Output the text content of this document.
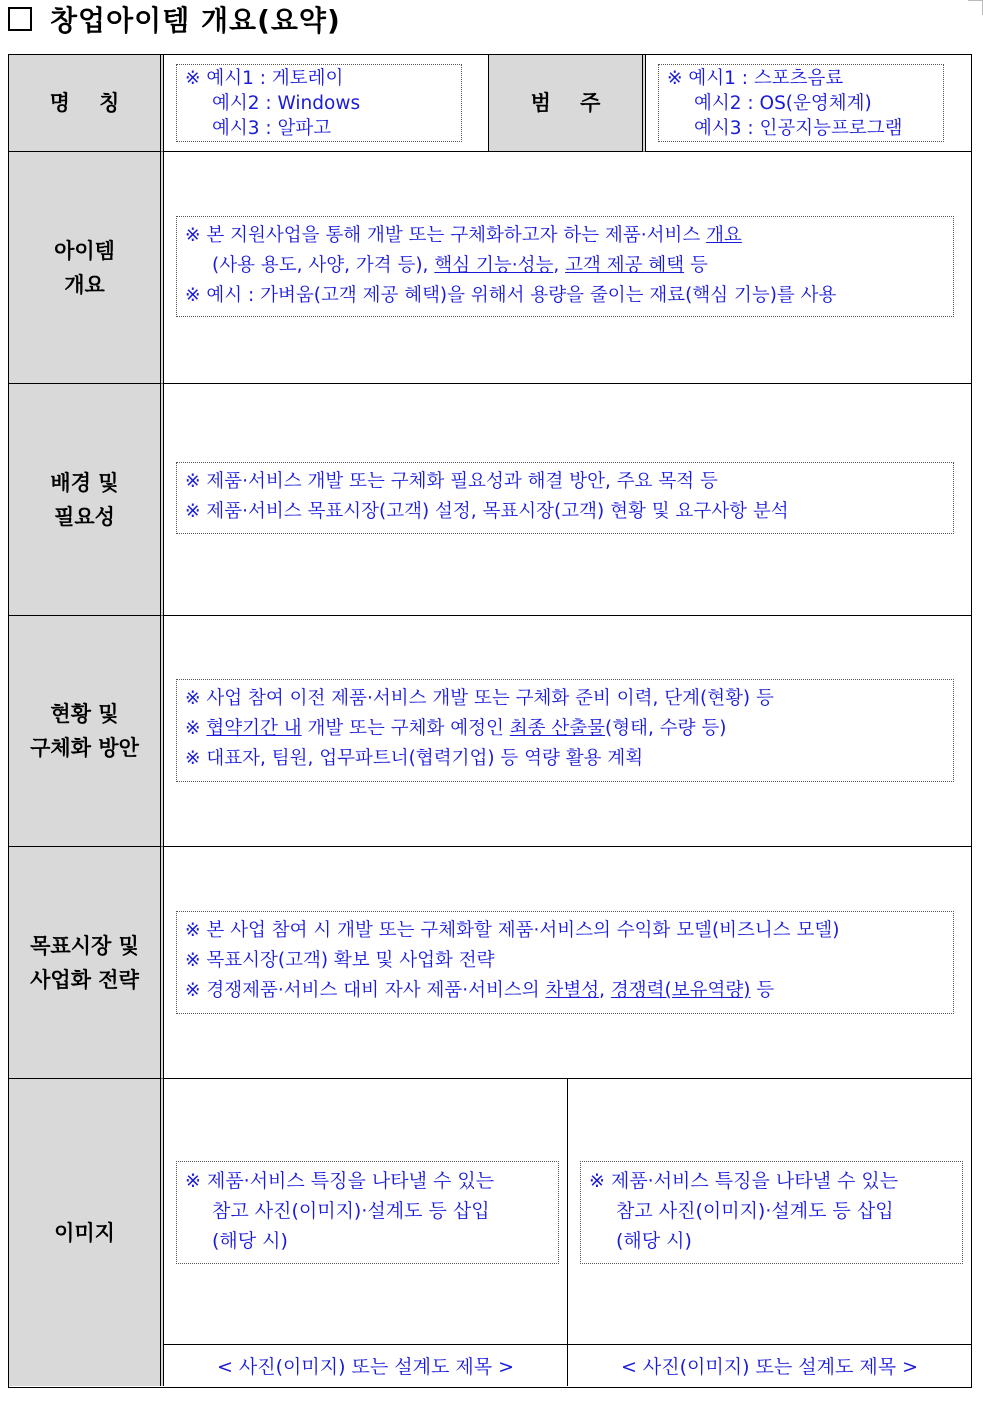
창업아이템 개요(요약)
명    칭
※ 예시1 : 게토레이
예시2 : Windows
예시3 : 알파고
범    주
※ 예시1 : 스포츠음료
예시2 : OS(운영체계)
예시3 : 인공지능프로그램
아이템
개요
※ 본 지원사업을 통해 개발 또는 구체화하고자 하는 제품·서비스 개요
(사용 용도, 사양, 가격 등), 핵심 기능·성능, 고객 제공 혜택 등
※ 예시 : 가벼움(고객 제공 혜택)을 위해서 용량을 줄이는 재료(핵심 기능)를 사용
배경 및
필요성
※ 제품·서비스 개발 또는 구체화 필요성과 해결 방안, 주요 목적 등
※ 제품·서비스 목표시장(고객) 설정, 목표시장(고객) 현황 및 요구사항 분석
현황 및
구체화 방안
※ 사업 참여 이전 제품·서비스 개발 또는 구체화 준비 이력, 단계(현황) 등
※ 협약기간 내 개발 또는 구체화 예정인 최종 산출물(형태, 수량 등)
※ 대표자, 팀원, 업무파트너(협력기업) 등 역량 활용 계획
목표시장 및
사업화 전략
※ 본 사업 참여 시 개발 또는 구체화할 제품·서비스의 수익화 모델(비즈니스 모델)
※ 목표시장(고객) 확보 및 사업화 전략
※ 경쟁제품·서비스 대비 자사 제품·서비스의 차별성, 경쟁력(보유역량) 등
이미지
※ 제품·서비스 특징을 나타낼 수 있는
참고 사진(이미지)·설계도 등 삽입
(해당 시)
※ 제품·서비스 특징을 나타낼 수 있는
참고 사진(이미지)·설계도 등 삽입
(해당 시)
< 사진(이미지) 또는 설계도 제목 >	< 사진(이미지) 또는 설계도 제목 >
